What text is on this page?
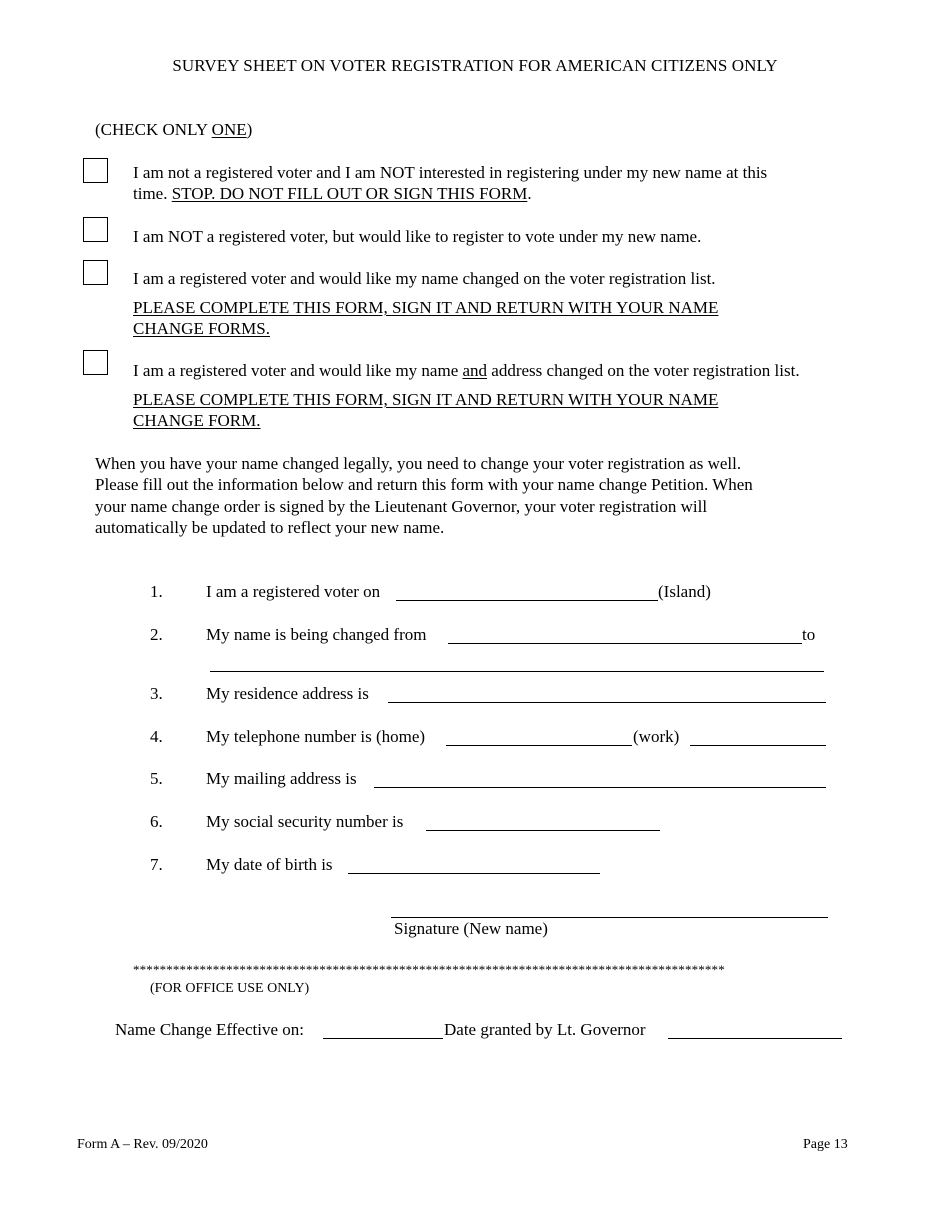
SURVEY SHEET ON VOTER REGISTRATION FOR AMERICAN CITIZENS ONLY
(CHECK ONLY ONE)
I am not a registered voter and I am NOT interested in registering under my new name at this
time. STOP. DO NOT FILL OUT OR SIGN THIS FORM.
I am NOT a registered voter, but would like to register to vote under my new name.
I am a registered voter and would like my name changed on the voter registration list.
PLEASE COMPLETE THIS FORM, SIGN IT AND RETURN WITH YOUR NAME
CHANGE FORMS.
I am a registered voter and would like my name and address changed on the voter registration list.
PLEASE COMPLETE THIS FORM, SIGN IT AND RETURN WITH YOUR NAME
CHANGE FORM.
When you have your name changed legally, you need to change your voter registration as well.
Please fill out the information below and return this form with your name change Petition. When
your name change order is signed by the Lieutenant Governor, your voter registration will
automatically be updated to reflect your new name.
1.	I am a registered voter on	(Island)
2.	My name is being changed from	to
3.	My residence address is
4.	My telephone number is (home)	(work)
5.	My mailing address is
6.	My social security number is
7.	My date of birth is
Signature (New name)
*****************************************************************************************
(FOR OFFICE USE ONLY)
Name Change Effective on:	Date granted by Lt. Governor
Form A – Rev. 09/2020	Page 13
